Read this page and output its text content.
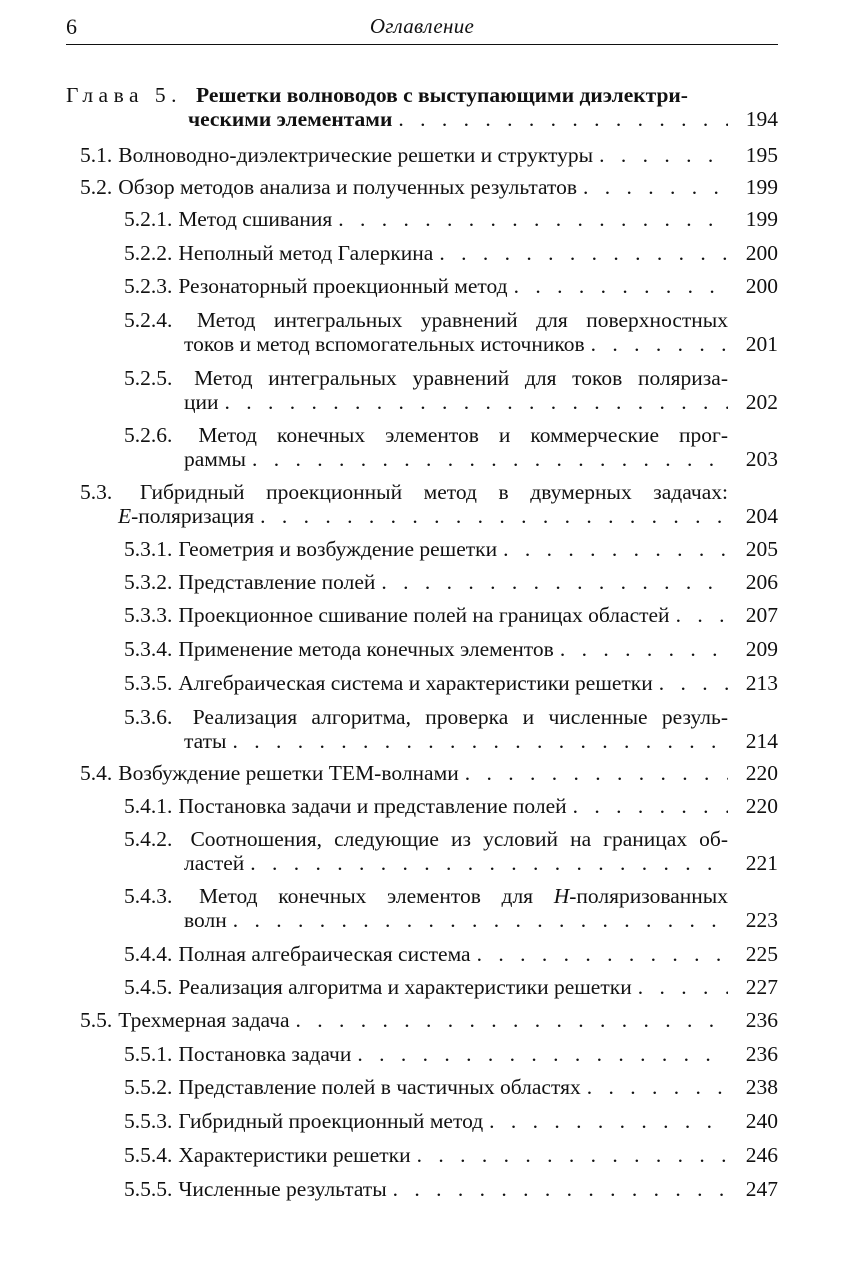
6	Оглавление
Глава 5. Решетки волноводов с выступающими диэлектри-
ческими элементами . . .	194
5.1. Волноводно-диэлектрические решетки и структуры . . .	195
5.2. Обзор методов анализа и полученных результатов . . .	199
5.2.1. Метод сшивания . . .	199
5.2.2. Неполный метод Галеркина . . .	200
5.2.3. Резонаторный проекционный метод . . .	200
5.2.4. Метод интегральных уравнений для поверхностных
токов и метод вспомогательных источников . . .	201
5.2.5. Метод интегральных уравнений для токов поляриза-
ции . . .	202
5.2.6. Метод конечных элементов и коммерческие прог-
раммы . . .	203
5.3. Гибридный проекционный метод в двумерных задачах:
E -поляризация . . .	204
5.3.1. Геометрия и возбуждение решетки . . .	205
5.3.2. Представление полей . . .	206
5.3.3. Проекционное сшивание полей на границах областей . . .	207
5.3.4. Применение метода конечных элементов . . .	209
5.3.5. Алгебраическая система и характеристики решетки . . .	213
5.3.6. Реализация алгоритма, проверка и численные резуль-
таты . . .	214
5.4. Возбуждение решетки TEM-волнами . . .	220
5.4.1. Постановка задачи и представление полей . . .	220
5.4.2. Соотношения, следующие из условий на границах об-
ластей . . .	221
5.4.3. Метод конечных элементов для H-поляризованных
волн . . .	223
5.4.4. Полная алгебраическая система . . .	225
5.4.5. Реализация алгоритма и характеристики решетки . . .	227
5.5. Трехмерная задача . . .	236
5.5.1. Постановка задачи . . .	236
5.5.2. Представление полей в частичных областях . . .	238
5.5.3. Гибридный проекционный метод . . .	240
5.5.4. Характеристики решетки . . .	246
5.5.5. Численные результаты . . .	247
